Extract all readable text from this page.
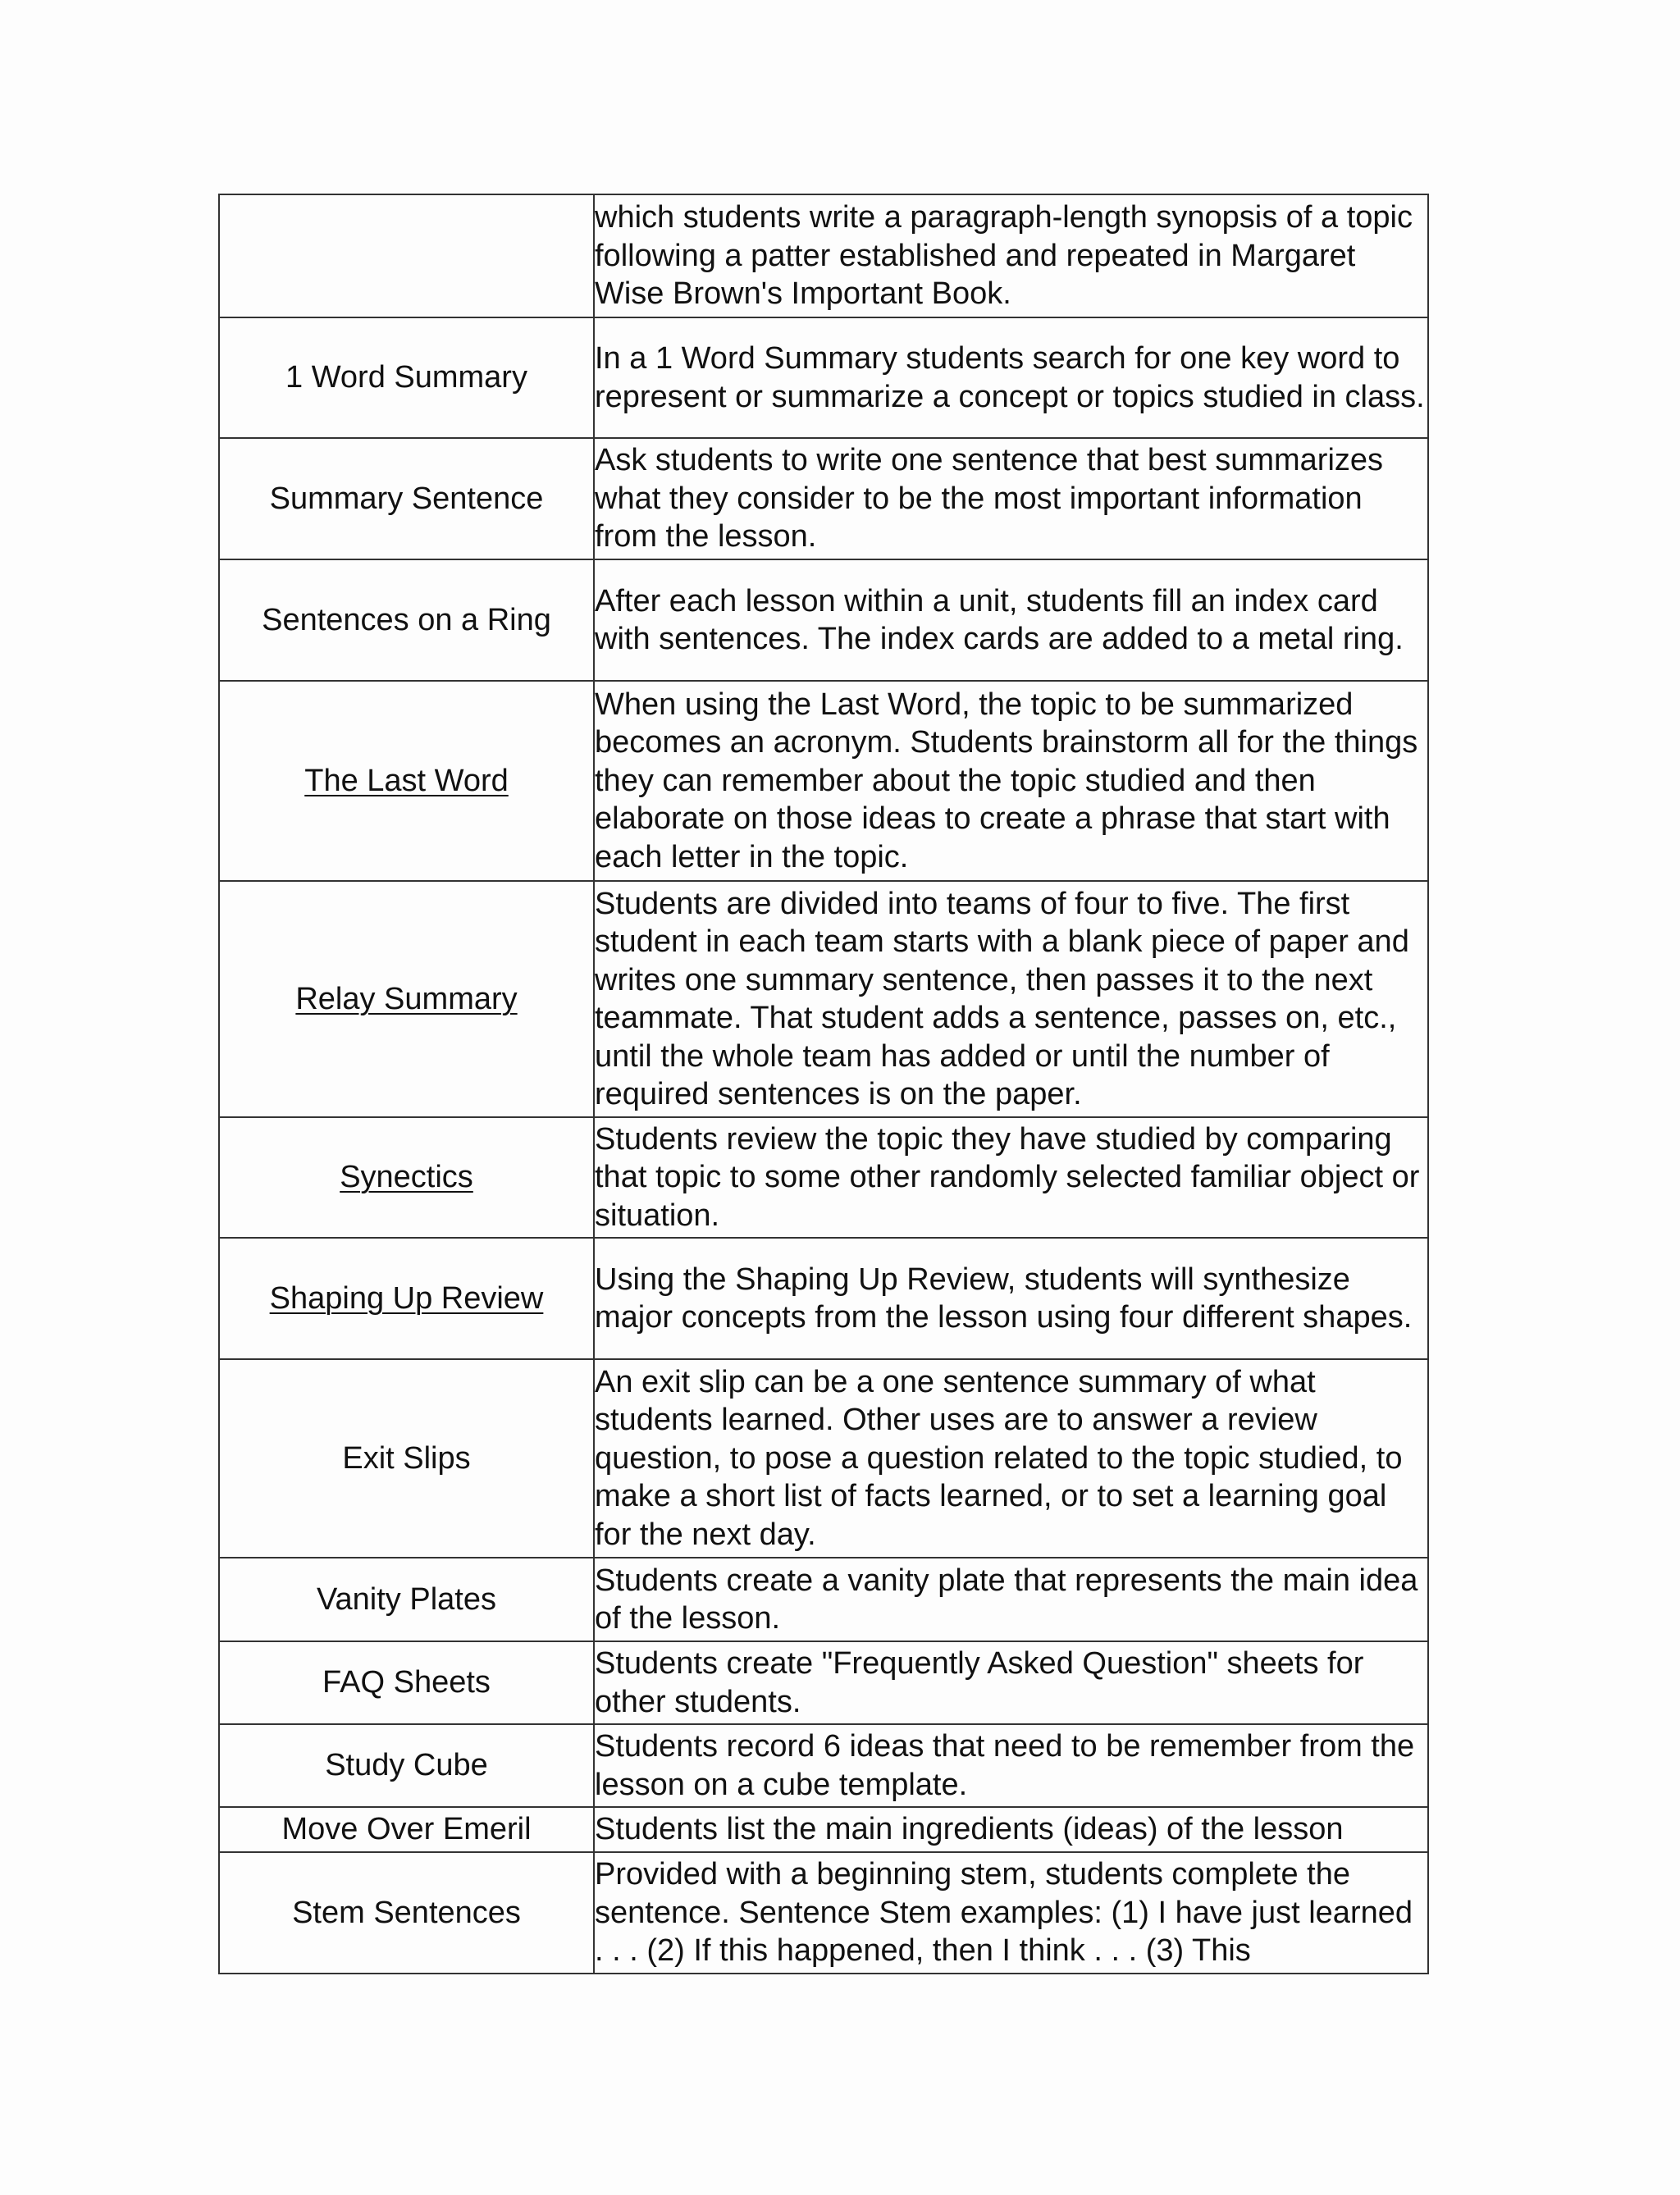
	which students write a paragraph-length synopsis of a topic following a patter established and repeated in Margaret Wise Brown's Important Book.
1 Word Summary	In a 1 Word Summary students search for one key word to represent or summarize a concept or topics studied in class.
Summary Sentence	Ask students to write one sentence that best summarizes what they consider to be the most important information from the lesson.
Sentences on a Ring	After each lesson within a unit, students fill an index card with sentences. The index cards are added to a metal ring.
The Last Word	When using the Last Word, the topic to be summarized becomes an acronym. Students brainstorm all for the things they can remember about the topic studied and then elaborate on those ideas to create a phrase that start with each letter in the topic.
Relay Summary	Students are divided into teams of four to five. The first student in each team starts with a blank piece of paper and writes one summary sentence, then passes it to the next teammate. That student adds a sentence, passes on, etc., until the whole team has added or until the number of required sentences is on the paper.
Synectics	Students review the topic they have studied by comparing that topic to some other randomly selected familiar object or situation.
Shaping Up Review	Using the Shaping Up Review, students will synthesize major concepts from the lesson using four different shapes.
Exit Slips	An exit slip can be a one sentence summary of what students learned. Other uses are to answer a review question, to pose a question related to the topic studied, to make a short list of facts learned, or to set a learning goal for the next day.
Vanity Plates	Students create a vanity plate that represents the main idea of the lesson.
FAQ Sheets	Students create "Frequently Asked Question" sheets for other students.
Study Cube	Students record 6 ideas that need to be remember from the lesson on a cube template.
Move Over Emeril	Students list the main ingredients (ideas) of the lesson
Stem Sentences	Provided with a beginning stem, students complete the sentence. Sentence Stem examples: (1) I have just learned . . . (2) If this happened, then I think . . . (3) This
